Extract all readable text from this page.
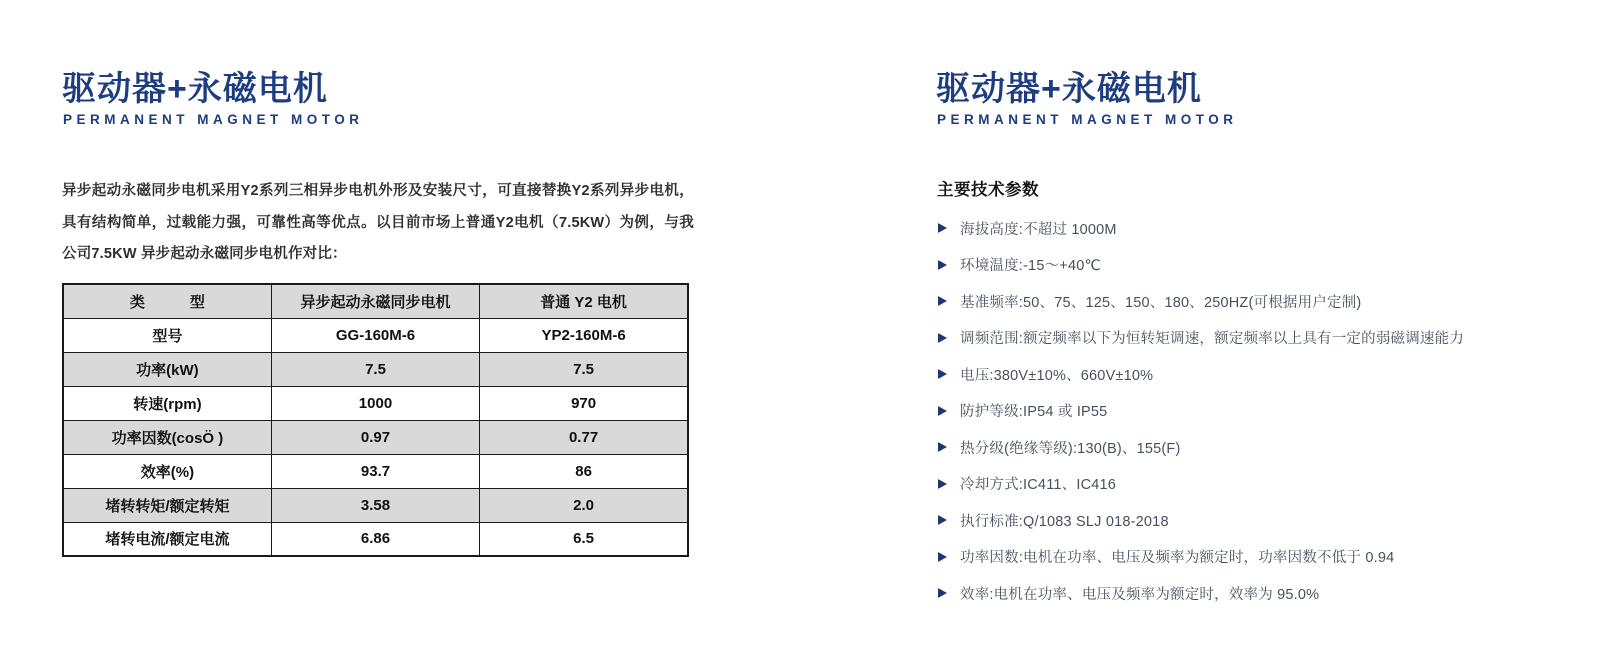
驱动器+永磁电机
PERMANENT MAGNET MOTOR

异步起动永磁同步电机采用Y2系列三相异步电机外形及安装尺寸，可直接替换Y2系列异步电机，具有结构简单，过载能力强，可靠性高等优点。以目前市场上普通Y2电机（7.5KW）为例，与我公司7.5KW 异步起动永磁同步电机作对比：

类　　　型	异步起动永磁同步电机	普通 Y2 电机
型号	GG-160M-6	YP2-160M-6
功率(kW)	7.5	7.5
转速(rpm)	1000	970
功率因数(cosÖ )	0.97	0.77
效率(%)	93.7	86
堵转转矩/额定转矩	3.58	2.0
堵转电流/额定电流	6.86	6.5
驱动器+永磁电机
PERMANENT MAGNET MOTOR
主要技术参数
海拔高度:不超过 1000M
环境温度:-15～+40℃
基准频率:50、75、125、150、180、250HZ(可根据用户定制)
调频范围:额定频率以下为恒转矩调速，额定频率以上具有一定的弱磁调速能力
电压:380V±10%、660V±10%
防护等级:IP54 或 IP55
热分级(绝缘等级):130(B)、155(F)
冷却方式:IC411、IC416
执行标准:Q/1083 SLJ 018-2018
功率因数:电机在功率、电压及频率为额定时，功率因数不低于 0.94
效率:电机在功率、电压及频率为额定时，效率为 95.0%
